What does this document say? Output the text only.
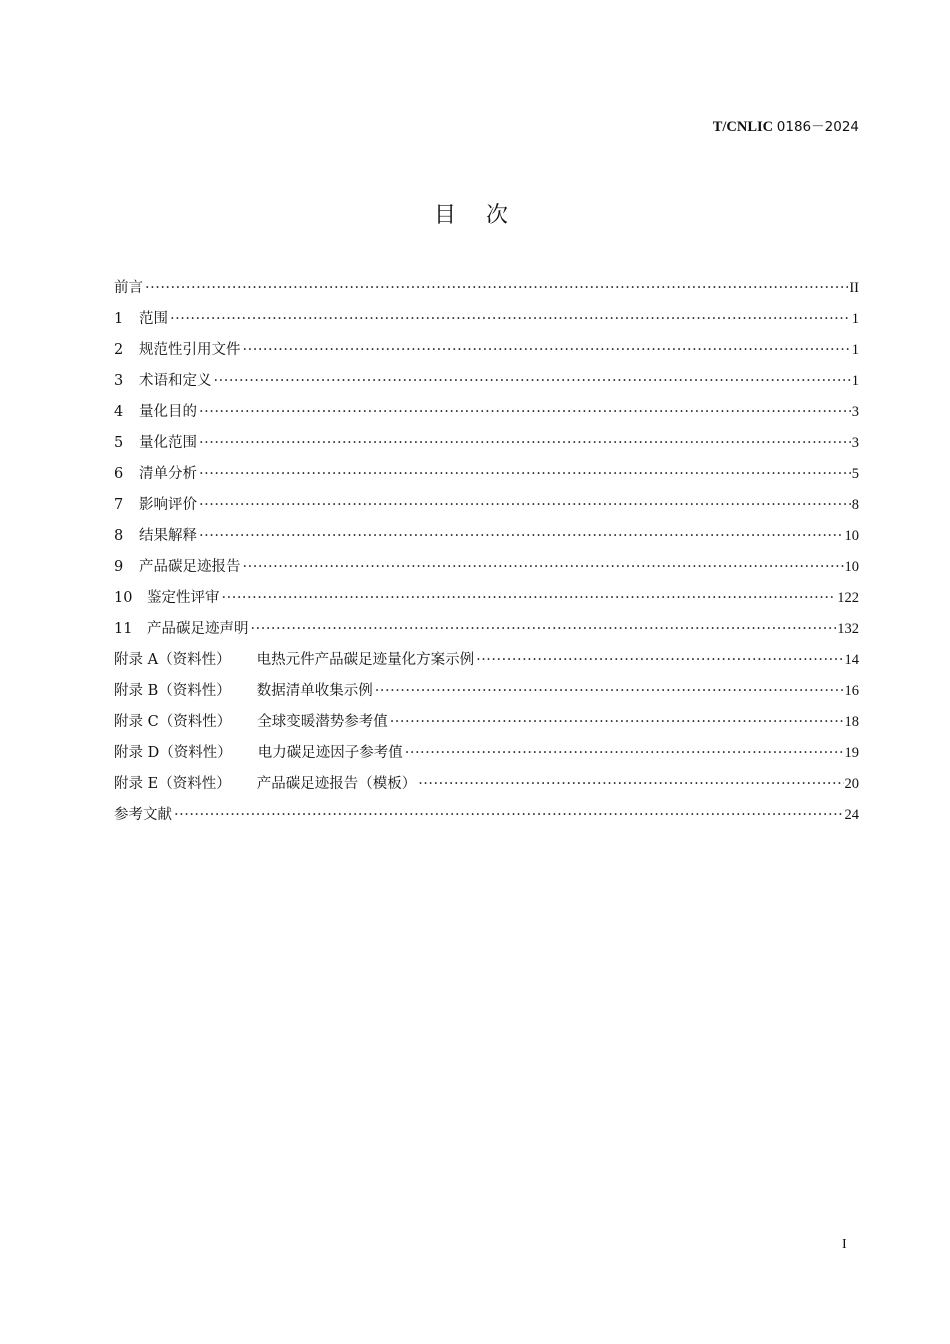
T/CNLIC 0186－2024
目次
前言 ·····	II
1	范围 ·····	1
2	规范性引用文件 ·····	1
3	术语和定义 ·····	1
4	量化目的 ·····	3
5	量化范围 ·····	3
6	清单分析 ·····	5
7	影响评价 ·····	8
8	结果解释 ·····	10
9	产品碳足迹报告 ·····	10
10	鉴定性评审 ·····	122
11	产品碳足迹声明 ·····	132
附录 A（资料性） 电热元件产品碳足迹量化方案示例 ·····	14
附录 B（资料性） 数据清单收集示例 ·····	16
附录 C（资料性） 全球变暖潜势参考值 ·····	18
附录 D（资料性） 电力碳足迹因子参考值 ·····	19
附录 E（资料性） 产品碳足迹报告（模板） ·····	20
参考文献 ·····	24
I
